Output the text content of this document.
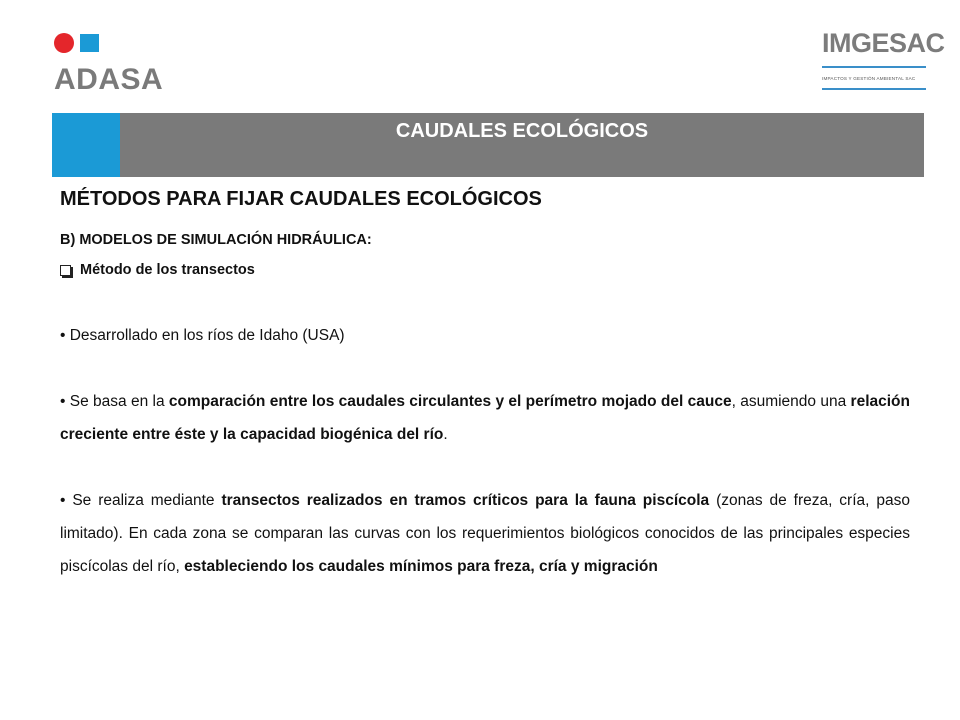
ADASA
IMGESAC
IMPACTOS Y GESTIÓN AMBIENTAL SAC
CAUDALES ECOLÓGICOS
MÉTODOS PARA FIJAR CAUDALES ECOLÓGICOS
B) MODELOS DE SIMULACIÓN HIDRÁULICA:
Método de los transectos

• Desarrollado en los ríos de Idaho (USA)

• Se basa en la comparación entre los caudales circulantes y el perímetro mojado del cauce, asumiendo una relación creciente entre éste y la capacidad biogénica del río.

• Se realiza mediante transectos realizados en tramos críticos para la fauna piscícola (zonas de freza, cría, paso limitado). En cada zona se comparan las curvas con los requerimientos biológicos conocidos de las principales especies piscícolas del río, estableciendo los caudales mínimos para freza, cría y migración
